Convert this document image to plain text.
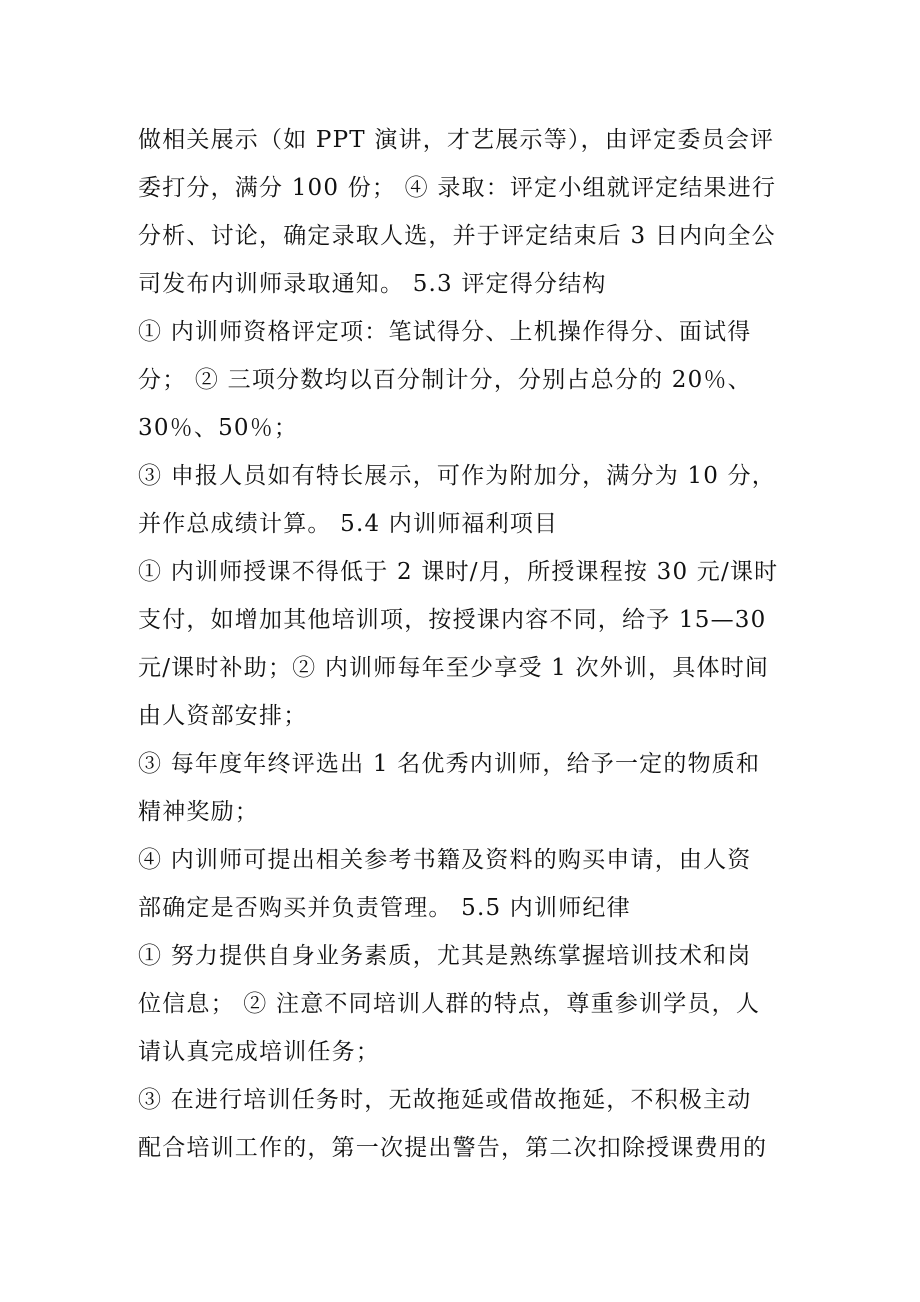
做相关展示（如 PPT 演讲，才艺展示等），由评定委员会评
委打分，满分 100 份； ④ 录取：评定小组就评定结果进行
分析、讨论，确定录取人选，并于评定结束后 3 日内向全公
司发布内训师录取通知。 5.3 评定得分结构
① 内训师资格评定项：笔试得分、上机操作得分、面试得
分； ② 三项分数均以百分制计分，分别占总分的 20％、
30％、50％；
③ 申报人员如有特长展示，可作为附加分，满分为 10 分，
并作总成绩计算。 5.4 内训师福利项目
① 内训师授课不得低于 2 课时/月，所授课程按 30 元/课时
支付，如增加其他培训项，按授课内容不同，给予 15—30
元/课时补助；② 内训师每年至少享受 1 次外训，具体时间
由人资部安排；
③ 每年度年终评选出 1 名优秀内训师，给予一定的物质和
精神奖励；
④ 内训师可提出相关参考书籍及资料的购买申请，由人资
部确定是否购买并负责管理。 5.5 内训师纪律
① 努力提供自身业务素质，尤其是熟练掌握培训技术和岗
位信息； ② 注意不同培训人群的特点，尊重参训学员，人
请认真完成培训任务；
③ 在进行培训任务时，无故拖延或借故拖延，不积极主动
配合培训工作的，第一次提出警告，第二次扣除授课费用的
